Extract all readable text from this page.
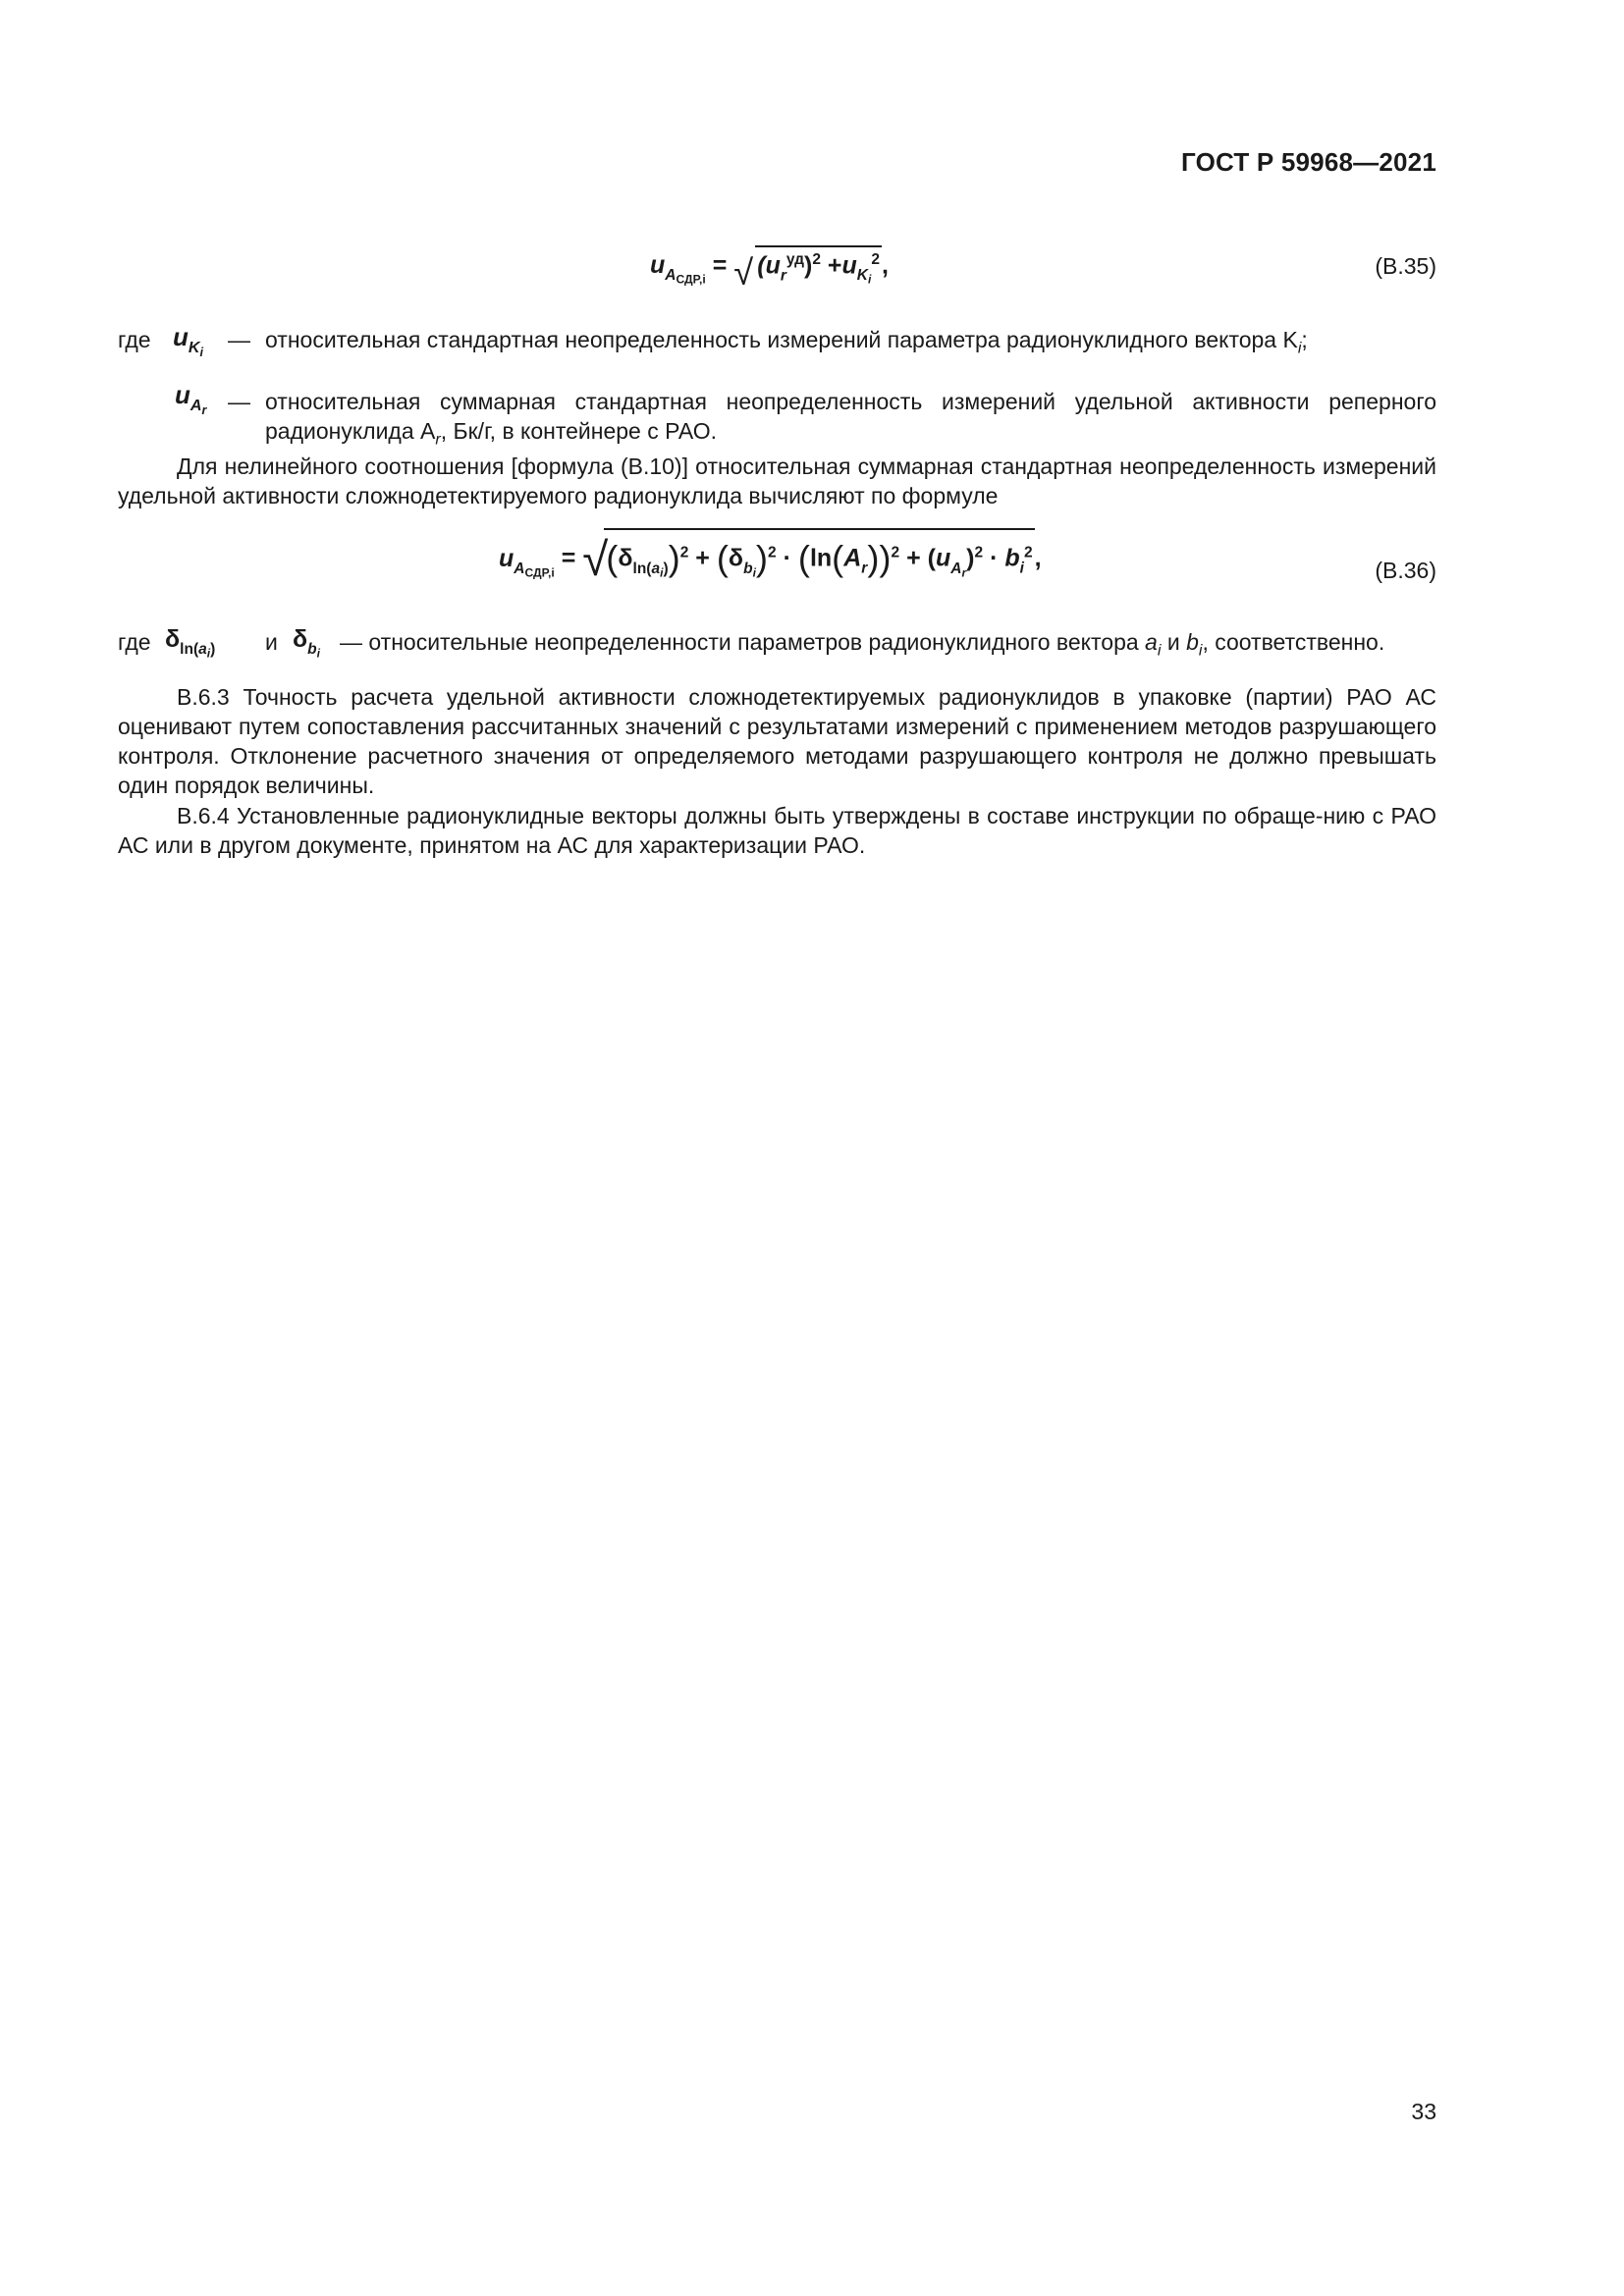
ГОСТ Р 59968—2021
$u_{A_{СДР,i}}$ = √ $(u_r^{уд})^2 +u_{K_i}^2$,	(В.35)
где $u_{K_i}$
— относительная стандартная неопределенность измерений параметра радионуклидного вектора $K_i$;
$u_{A_r}$ — относительная суммарная стандартная неопределенность измерений удельной активности реперного радионуклида $A_r$, Бк/г, в контейнере с РАО.
Для нелинейного соотношения [формула (В.10)] относительная суммарная стандартная неопределенность измерений удельной активности сложнодетектируемого радионуклида вычисляют по формуле
$u_{A_{СДР,i}}$ = √
$(\delta_{ln(a_i)})^2 + (\delta_{b_i})^2 \cdot (\ln(A_r))^2 + (u_{A_r})^2 \cdot b_i^2$,	(В.36)
где $\delta_{ln(a_i)}$ и $\delta_{b_i}$ — относительные неопределенности параметров радионуклидного вектора $a_i$ и $b_i$, соответственно.
В.6.3 Точность расчета удельной активности сложнодетектируемых радионуклидов в упаковке (партии) РАО АС оценивают путем сопоставления рассчитанных значений с результатами измерений с применением методов разрушающего контроля. Отклонение расчетного значения от определяемого методами разрушающего контроля не должно превышать один порядок величины.
В.6.4 Установленные радионуклидные векторы должны быть утверждены в составе инструкции по обраще-нию с РАО АС или в другом документе, принятом на АС для характеризации РАО.
33
